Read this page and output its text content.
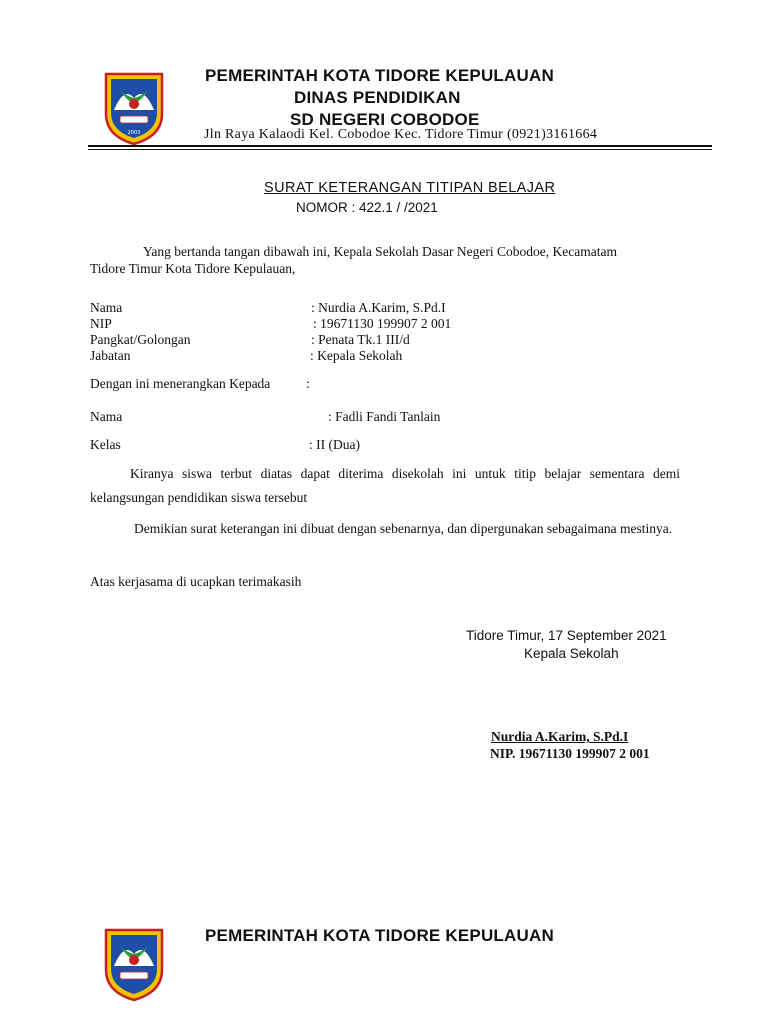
2003
PEMERINTAH KOTA TIDORE KEPULAUAN
DINAS PENDIDIKAN
SD NEGERI COBODOE
Jln Raya Kalaodi Kel. Cobodoe Kec. Tidore Timur (0921)3161664
SURAT KETERANGAN TITIPAN BELAJAR
NOMOR : 422.1 / /2021
Yang bertanda tangan dibawah ini, Kepala Sekolah Dasar Negeri Cobodoe, Kecamatam
Tidore Timur Kota Tidore Kepulauan,
Nama	: Nurdia A.Karim, S.Pd.I
NIP	: 19671130 199907 2 001
Pangkat/Golongan	: Penata Tk.1 III/d
Jabatan	: Kepala Sekolah
Dengan ini menerangkan Kepada	:
Nama	: Fadli Fandi Tanlain
Kelas	: II (Dua)
Kiranya siswa terbut diatas dapat diterima disekolah ini untuk titip belajar sementara demi kelangsungan pendidikan siswa tersebut
Demikian surat keterangan ini dibuat dengan sebenarnya, dan dipergunakan sebagaimana mestinya.
Atas kerjasama di ucapkan terimakasih
Tidore Timur, 17 September 2021
Kepala Sekolah
Nurdia A.Karim, S.Pd.I
NIP. 19671130 199907 2 001
PEMERINTAH KOTA TIDORE KEPULAUAN
